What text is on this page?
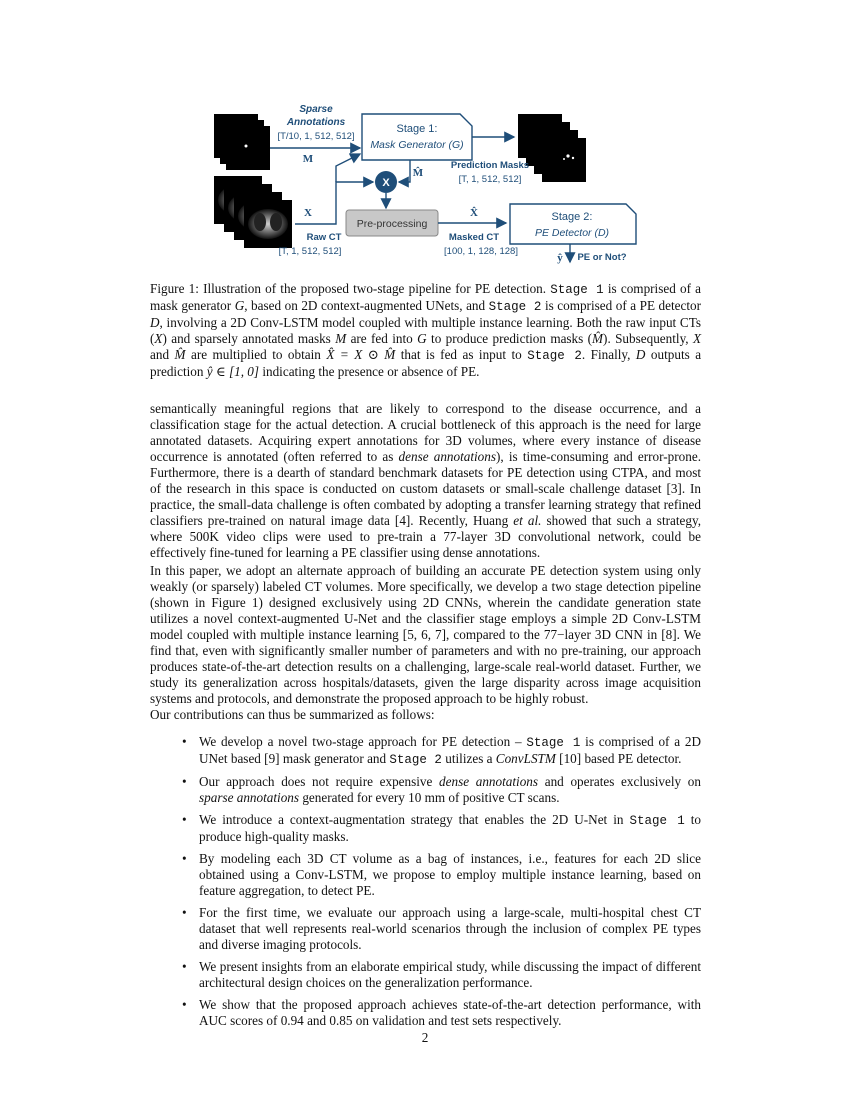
Sparse
Annotations
[T/10, 1, 512, 512]
M
Stage 1:
Mask Generator (G)
M̂
Prediction Masks
[T, 1, 512, 512]
X
X
Raw CT
[T, 1, 512, 512]
Pre-processing
X̂
Masked CT
[100, 1, 128, 128]
Stage 2:
PE Detector (D)
ŷ PE or Not?
Figure 1: Illustration of the proposed two-stage pipeline for PE detection. Stage 1 is comprised of a mask generator G, based on 2D context-augmented UNets, and Stage 2 is comprised of a PE detector D, involving a 2D Conv-LSTM model coupled with multiple instance learning. Both the raw input CTs (X) and sparsely annotated masks M are fed into G to produce prediction masks (M̂). Subsequently, X and M̂ are multiplied to obtain X̂ = X ⊙ M̂ that is fed as input to Stage 2. Finally, D outputs a prediction ŷ ∈ [1, 0] indicating the presence or absence of PE.

semantically meaningful regions that are likely to correspond to the disease occurrence, and a classification stage for the actual detection. A crucial bottleneck of this approach is the need for large annotated datasets. Acquiring expert annotations for 3D volumes, where every instance of disease occurrence is annotated (often referred to as dense annotations), is time-consuming and error-prone. Furthermore, there is a dearth of standard benchmark datasets for PE detection using CTPA, and most of the research in this space is conducted on custom datasets or small-scale challenge dataset [3]. In practice, the small-data challenge is often combated by adopting a transfer learning strategy that refined classifiers pre-trained on natural image data [4]. Recently, Huang et al. showed that such a strategy, where 500K video clips were used to pre-train a 77-layer 3D convolutional network, could be effectively fine-tuned for learning a PE classifier using dense annotations.

In this paper, we adopt an alternate approach of building an accurate PE detection system using only weakly (or sparsely) labeled CT volumes. More specifically, we develop a two stage detection pipeline (shown in Figure 1) designed exclusively using 2D CNNs, wherein the candidate generation state utilizes a novel context-augmented U-Net and the classifier stage employs a simple 2D Conv-LSTM model coupled with multiple instance learning [5, 6, 7], compared to the 77−layer 3D CNN in [8]. We find that, even with significantly smaller number of parameters and with no pre-training, our approach produces state-of-the-art detection results on a challenging, large-scale real-world dataset. Further, we study its generalization across hospitals/datasets, given the large disparity across image acquisition systems and protocols, and demonstrate the proposed approach to be highly robust.

Our contributions can thus be summarized as follows:

• We develop a novel two-stage approach for PE detection – Stage 1 is comprised of a 2D UNet based [9] mask generator and Stage 2 utilizes a ConvLSTM [10] based PE detector.
• Our approach does not require expensive dense annotations and operates exclusively on sparse annotations generated for every 10 mm of positive CT scans.
• We introduce a context-augmentation strategy that enables the 2D U-Net in Stage 1 to produce high-quality masks.
• By modeling each 3D CT volume as a bag of instances, i.e., features for each 2D slice obtained using a Conv-LSTM, we propose to employ multiple instance learning, based on feature aggregation, to detect PE.
• For the first time, we evaluate our approach using a large-scale, multi-hospital chest CT dataset that well represents real-world scenarios through the inclusion of complex PE types and diverse imaging protocols.
• We present insights from an elaborate empirical study, while discussing the impact of different architectural design choices on the generalization performance.
• We show that the proposed approach achieves state-of-the-art detection performance, with AUC scores of 0.94 and 0.85 on validation and test sets respectively.
2
